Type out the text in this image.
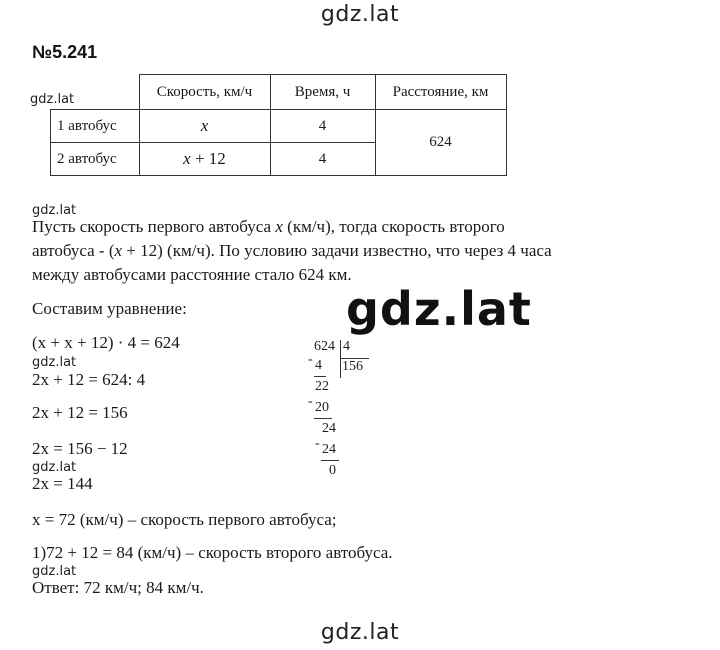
gdz.lat
gdz.lat
gdz.lat
gdz.lat
gdz.lat
gdz.lat
gdz.lat
gdz.lat
№5.241
	Скорость, км/ч	Время, ч	Расстояние, км
1 автобус	x	4	624
2 автобус	x + 12	4	
Пусть скорость первого автобуса x (км/ч), тогда скорость второго
автобуса - (x + 12) (км/ч). По условию задачи известно, что через 4 часа
между автобусами расстояние стало 624 км.
Составим уравнение:
(x + x + 12) · 4 = 624
2x + 12 = 624: 4
2x + 12 = 156
2x = 156 − 12
2x = 144
x = 72 (км/ч) – скорость первого автобуса;
1)72 + 12 = 84 (км/ч) – скорость второго автобуса.
Ответ: 72 км/ч; 84 км/ч.
624 4
156
- 4
22
- 20
24
- 24
0
